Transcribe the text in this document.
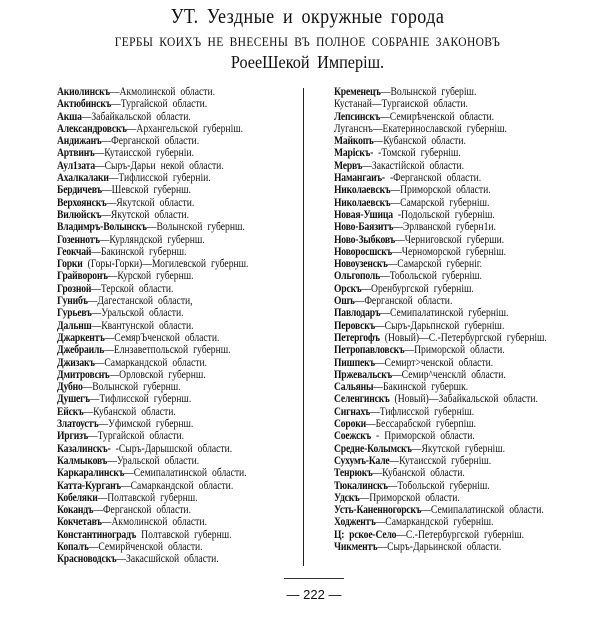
УТ. Уездные и окружные города
ГЕРБЫ КОИХЪ НЕ ВНЕСЕНЫ ВЪ ПОЛНОЕ СОБРАНIЕ ЗАКОНОВЪ
РоееШекой Имперiш.
Акиолинскъ—Акмолинской области.
Актюбинскъ—Тургайской области.
Акша—Забайкальской области.
Александровскъ—Архангельской губернiш.
Андижанъ—Ферганской области.
Артвинъ—Кутаисской губернiи.
Аул1зата—Сыръ-Дарьи некой области.
Ахалкалаки—Тифлисской губернiи.
Бердичевъ—Шевской губернш.
Верхоянскъ—Якутской области.
Вилюйскъ—Якутской области.
Владимръ-Волынскъ—Волынской губернш.
Гозеннотъ—Курляндской губернш.
Геокчай—Бакинской губернш.
Горки (Горы-Горки)—Могилевской губернш.
Грайворонъ—Курской губернш.
Грозной—Терской области.
Гунибъ—Дагестанской области,
Гурьевъ—Уральской области.
Дальнш—Квантунской области.
Джаркентъ—СемярЪченской области.
Джебраиль—Елнзаветпольской губернш.
Джизакъ—Самаркандской области.
Дмитровснъ—Орловской губернш.
Дубно—Волынской губернш.
Душегъ—Тифлисской губернш.
Ейскъ—Кубанской области.
Златоустъ—Уфимской губернш.
Иргизъ—Тургайской области.
Казалинскъ- -Сыръ-Дарышской области.
Калмыковъ—Уральской области.
Каркаралинскъ—Семипалатинской области.
Катта-Курганъ—Самаркандской области.
Кобеляки—Полтавской губернш.
Кокандъ—Ферганской области.
Кокчетавъ—Акмолинской области.
Константиноградъ Полтавской губернш.
Копалъ—Семирйченской области.
Красноводскъ—Закасшйской области.
Кременецъ—Волынской губерiш.
Кустанай—Тургаиской области.
Лепсинскъ—Семирѣченской области.
Луганснъ—Екатеринославской губернiш.
Майкопъ—Кубанской области.
Марiскъ- -Томской губернiш.
Мервъ—Закастiйской области.
Намангаиъ- -Ферганской области.
Николаевскъ—Приморской области.
Николаевскъ—Самарской губернiш.
Новая-Ушица -Подольской губернiш.
Ново-Баязитъ—Эрлванской губерн1и.
Ново-Зыбковъ—Черниговской губерши.
Новоросшскъ—Черноморской губернiш.
Новоузенскъ—Самарской губернiг.
Ольгополь—Тобольской губернiш.
Орскъ—Оренбургской губернiш.
Ошъ—Ферганской области.
Павлодаръ—Семипалатинской губернiш.
Перовскъ—Сыръ-Дарьпнской губернiш.
Петергофъ (Новый)—С.-Петербургской губернiш.
Петропавловскъ—Приморской области.
Пишпекъ—Семирт>ченской области.
Пржевальскъ—Семир^ченсклй области.
Сальяны—Бакинской губершк.
Селенгинскъ (Новый)—Забайкальской области.
Сигнахъ—Тифлисской губернiш.
Сороки—Бессарабской губерпiш.
Соежскъ - Приморской области.
Средне-Колымскъ—Якутской губернiш.
Сухумъ-Кале—Кутаисской губернiш.
Тенрюкъ—Кубанской области.
Тюкалинскъ—Тобольской губернiш.
Удскъ—Приморской области.
Усть-Каненногорскъ—Семипалатинской области.
Ходжентъ—Самаркандской губернiш.
Ц: рское-Село—С.-Петербургской губернiш.
Чикментъ—Сыръ-Дарьинской области.
— 222 —
